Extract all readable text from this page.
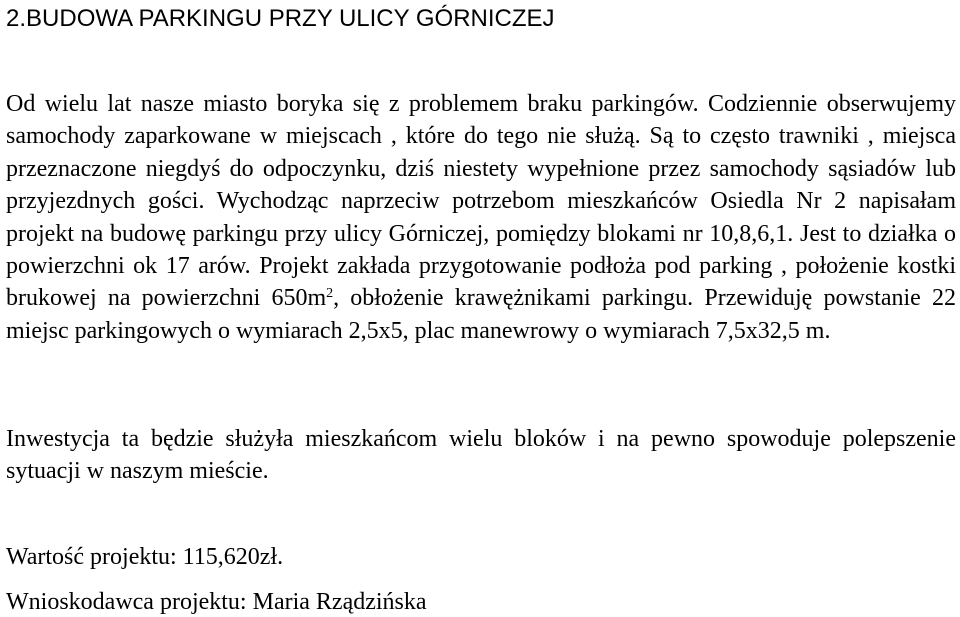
2.BUDOWA PARKINGU PRZY ULICY GÓRNICZEJ

Od wielu lat nasze miasto boryka się z problemem braku parkingów. Codziennie obserwujemy samochody zaparkowane w miejscach , które do tego nie służą. Są to często trawniki , miejsca przeznaczone niegdyś do odpoczynku, dziś niestety wypełnione przez samochody sąsiadów lub przyjezdnych gości. Wychodząc naprzeciw potrzebom mieszkańców Osiedla Nr 2 napisałam projekt na budowę parkingu przy ulicy Górniczej, pomiędzy blokami nr 10,8,6,1. Jest to działka o powierzchni ok 17 arów. Projekt zakłada przygotowanie podłoża pod parking , położenie kostki brukowej na powierzchni $650m^2$, obłożenie krawężnikami parkingu. Przewiduję powstanie 22 miejsc parkingowych o wymiarach 2,5x5, plac manewrowy o wymiarach 7,5x32,5 m.

Inwestycja ta będzie służyła mieszkańcom wielu bloków i na pewno spowoduje polepszenie sytuacji w naszym mieście.

Wartość projektu: 115,620zł.

Wnioskodawca projektu: Maria Rządzińska
